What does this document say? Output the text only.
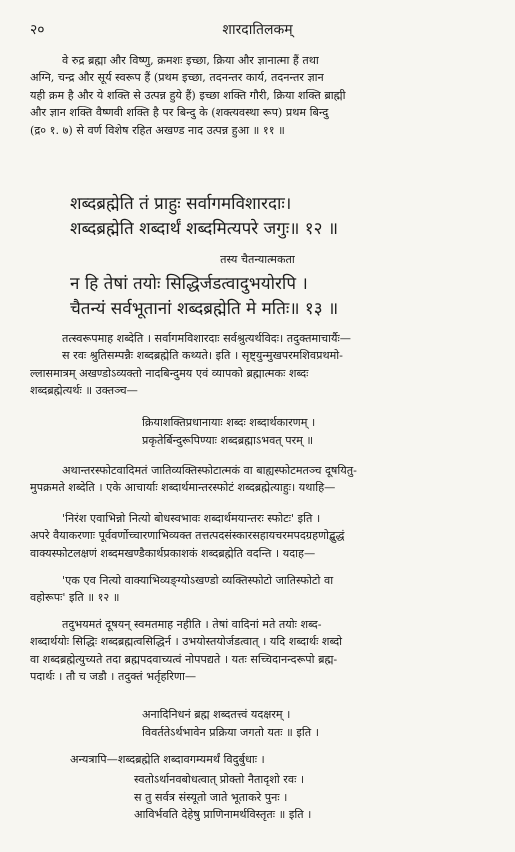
२०	शारदातिलकम्

वे रुद्र ब्रह्मा और विष्णु, क्रमशः इच्छा, क्रिया और ज्ञानात्मा हैं तथा

अग्नि, चन्द्र और सूर्य स्वरूप हैं (प्रथम इच्छा, तदनन्तर कार्य, तदनन्तर ज्ञान

यही क्रम है और ये शक्ति से उत्पन्न हुये हैं) इच्छा शक्ति गौरी, क्रिया शक्ति ब्राह्मी

और ज्ञान शक्ति वैष्णवी शक्ति है पर बिन्दु के (शक्त्यवस्था रूप) प्रथम बिन्दु

(द्र० १. ७) से वर्ण विशेष रहित अखण्ड नाद उत्पन्न हुआ ॥ ११ ॥

शब्दब्रह्मेति तं प्राहुः सर्वागमविशारदाः।

शब्दब्रह्मेति शब्दार्थं शब्दमित्यपरे जगुः॥ १२ ॥

तस्य चैतन्यात्मकता

न हि तेषां तयोः सिद्धिर्जडत्वादुभयोरपि ।

चैतन्यं सर्वभूतानां शब्दब्रह्मेति मे मतिः॥ १३ ॥

तत्स्वरूपमाह शब्देति । सर्वागमविशारदाः सर्वश्रुत्यर्थविदः। तदुक्तमाचार्यैः—

स रवः श्रुतिसम्पन्नैः शब्दब्रह्मेति कथ्यते। इति । सृष्ट्युन्मुखपरमशिवप्रथमो-

ल्लासमात्रम् अखण्डोऽव्यक्तो नादबिन्दुमय एवं व्यापको ब्रह्मात्मकः शब्दः

शब्दब्रह्मेत्यर्थः ॥ उक्तञ्च—

क्रियाशक्तिप्रधानायाः शब्दः शब्दार्थकारणम् ।

प्रकृतेर्बिन्दुरूपिण्याः शब्दब्रह्माऽभवत् परम् ॥

अथान्तरस्फोटवादिमतं जातिव्यक्तिस्फोटात्मकं वा बाह्यस्फोटमतञ्च दूषयितु-

मुपक्रमते शब्देति । एके आचार्याः शब्दार्थमान्तरस्फोटं शब्दब्रह्मेत्याहुः। यथाहि—

'निरंश एवाभिन्नो नित्यो बोधस्वभावः शब्दार्थमयान्तरः स्फोटः' इति ।

अपरे वैयाकरणाः पूर्ववर्णोच्चारणाभिव्यक्त तत्तत्पदसंस्कारसहायचरमपदग्रहणोद्बुद्धं

वाक्यस्फोटलक्षणं शब्दमखण्डैकार्थप्रकाशकं शब्दब्रह्मेति वदन्ति । यदाह—

'एक एव नित्यो वाक्याभिव्यङ्ग्योऽखण्डो व्यक्तिस्फोटो जातिस्फोटो वा

वहोरूपः' इति ॥ १२ ॥

तदुभयमतं दूषयन् स्वमतमाह नहीति । तेषां वादिनां मते तयोः शब्द-

शब्दार्थयोः सिद्धिः शब्दब्रह्मत्वसिद्धिर्न । उभयोस्तयोर्जडत्वात् । यदि शब्दार्थः शब्दो

वा शब्दब्रह्मेत्युच्यते तदा ब्रह्मपदवाच्यत्वं नोपपद्यते । यतः सच्चिदानन्दरूपो ब्रह्म-

पदार्थः । तौ च जडौ । तदुक्तं भर्तृहरिणा—

अनादिनिधनं ब्रह्म शब्दतत्त्वं यदक्षरम् ।

विवर्ततेऽर्थभावेन प्रक्रिया जगतो यतः ॥ इति ।

अन्यत्रापि—शब्दब्रह्मेति शब्दावगम्यमर्थं विदुर्बुधाः ।

स्वतोऽर्थानवबोधत्वात् प्रोक्तो नैतादृशो रवः ।

स तु सर्वत्र संस्यूतो जाते भूताकरे पुनः ।

आविर्भवति देहेषु प्राणिनामर्थविस्तृतः ॥ इति ।
